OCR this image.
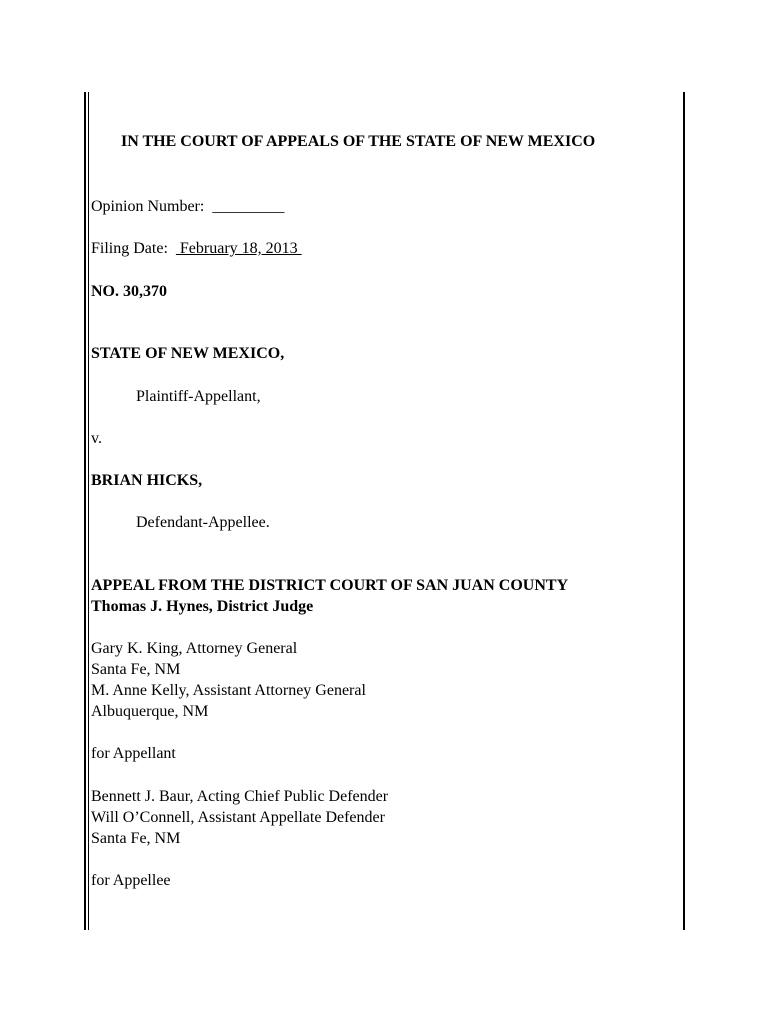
IN THE COURT OF APPEALS OF THE STATE OF NEW MEXICO
Opinion Number: _________
Filing Date:   February 18, 2013
NO. 30,370
STATE OF NEW MEXICO,
Plaintiff-Appellant,
v.
BRIAN HICKS,
Defendant-Appellee.
APPEAL FROM THE DISTRICT COURT OF SAN JUAN COUNTY
Thomas J. Hynes, District Judge
Gary K. King, Attorney General
Santa Fe, NM
M. Anne Kelly, Assistant Attorney General
Albuquerque, NM
for Appellant
Bennett J. Baur, Acting Chief Public Defender
Will O’Connell, Assistant Appellate Defender
Santa Fe, NM
for Appellee
